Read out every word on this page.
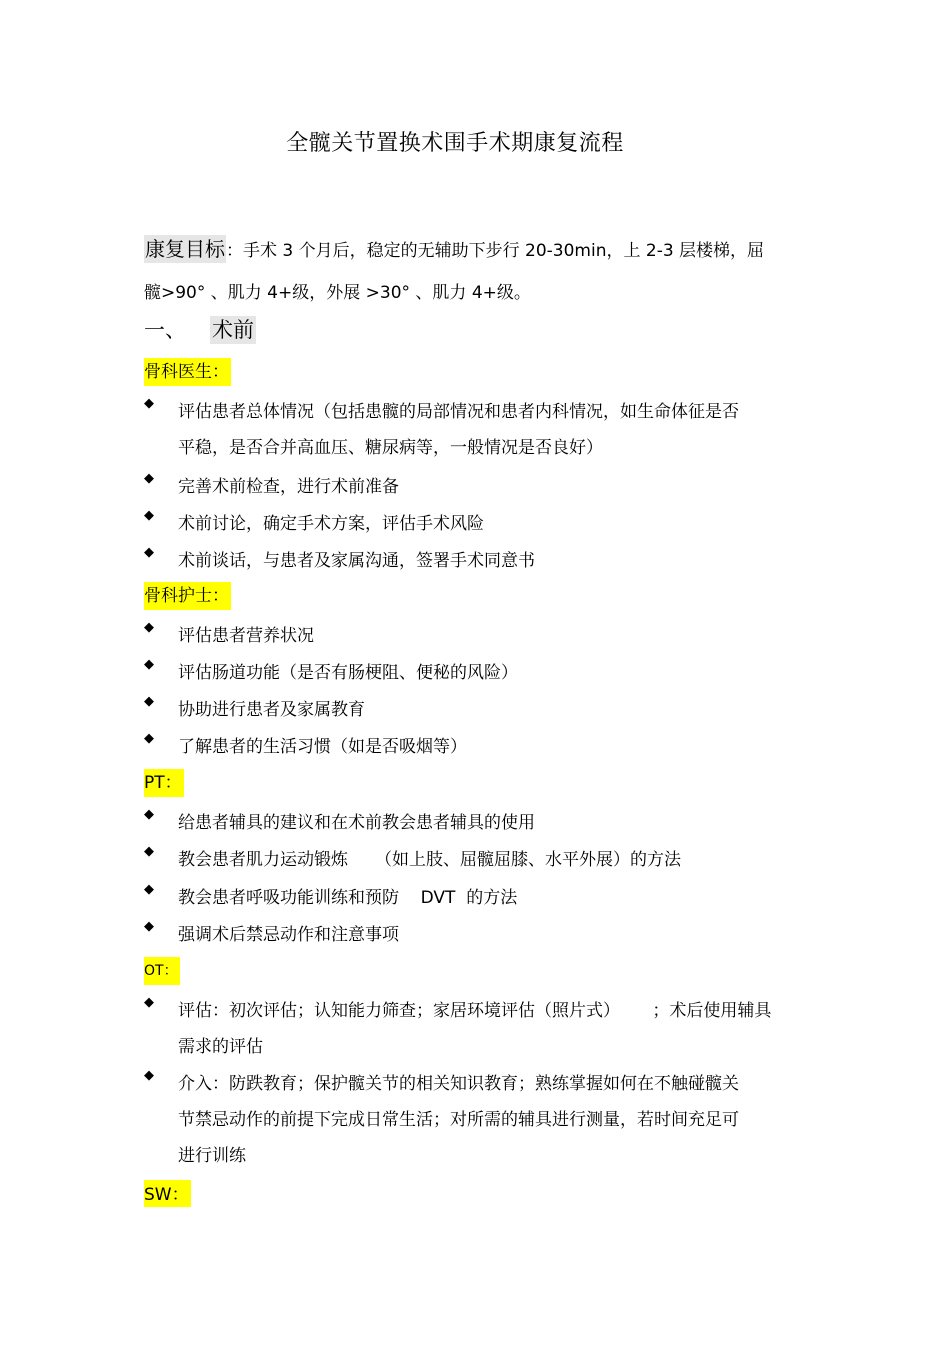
全髋关节置换术围手术期康复流程
康复目标：手术 3 个月后，稳定的无辅助下步行 20-30min，上 2-3 层楼梯，屈
髋>90° 、肌力 4+级，外展 >30° 、肌力 4+级。
一、 术前
骨科医生：
◆ 评估患者总体情况（包括患髋的局部情况和患者内科情况，如生命体征是否
平稳，是否合并高血压、糖尿病等，一般情况是否良好）
◆ 完善术前检查，进行术前准备
◆ 术前讨论，确定手术方案，评估手术风险
◆ 术前谈话，与患者及家属沟通，签署手术同意书
骨科护士：
◆ 评估患者营养状况
◆ 评估肠道功能（是否有肠梗阻、便秘的风险）
◆ 协助进行患者及家属教育
◆ 了解患者的生活习惯（如是否吸烟等）
PT：
◆ 给患者辅具的建议和在术前教会患者辅具的使用
◆ 教会患者肌力运动锻炼     （如上肢、屈髋屈膝、水平外展）的方法
◆ 教会患者呼吸功能训练和预防    DVT  的方法
◆ 强调术后禁忌动作和注意事项
OT：
◆ 评估：初次评估；认知能力筛查；家居环境评估（照片式）      ；术后使用辅具
需求的评估
◆ 介入：防跌教育；保护髋关节的相关知识教育；熟练掌握如何在不触碰髋关
节禁忌动作的前提下完成日常生活；对所需的辅具进行测量，若时间充足可
进行训练
SW：
